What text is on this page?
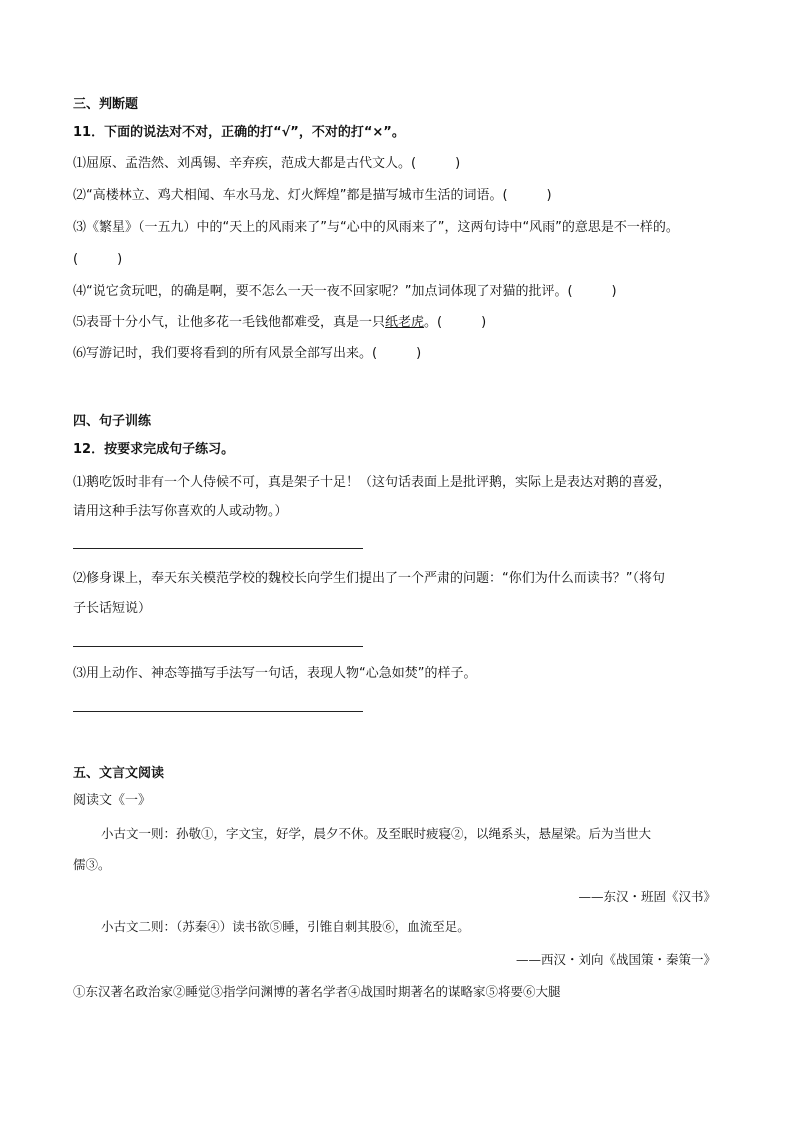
三、判断题
11．下面的说法对不对，正确的打“√”，不对的打“×”。
⑴屈原、孟浩然、刘禹锡、辛弃疾，范成大都是古代文人。(　　　)
⑵“高楼林立、鸡犬相闻、车水马龙、灯火辉煌”都是描写城市生活的词语。(　　　)
⑶《繁星》（一五九）中的“天上的风雨来了”与“心中的风雨来了”，这两句诗中“风雨”的意思是不一样的。
(　　　)
⑷“说它贪玩吧，的确是啊，要不怎么一天一夜不回家呢？”加点词体现了对猫的批评。(　　　)
⑸表哥十分小气，让他多花一毛钱他都难受，真是一只纸老虎。(　　　)
⑹写游记时，我们要将看到的所有风景全部写出来。(　　　)
四、句子训练
12．按要求完成句子练习。
⑴鹅吃饭时非有一个人侍候不可，真是架子十足！（这句话表面上是批评鹅，实际上是表达对鹅的喜爱，
请用这种手法写你喜欢的人或动物。）
⑵修身课上，奉天东关模范学校的魏校长向学生们提出了一个严肃的问题：“你们为什么而读书？”（将句
子长话短说）
⑶用上动作、神态等描写手法写一句话，表现人物“心急如焚”的样子。
五、文言文阅读
阅读文《一》
小古文一则：孙敬①，字文宝，好学，晨夕不休。及至眠时疲寝②，以绳系头，悬屋梁。后为当世大
儒③。
——东汉・班固《汉书》
小古文二则：（苏秦④）读书欲⑤睡，引锥自刺其股⑥，血流至足。
——西汉・刘向《战国策・秦策一》
①东汉著名政治家②睡觉③指学问渊博的著名学者④战国时期著名的谋略家⑤将要⑥大腿
